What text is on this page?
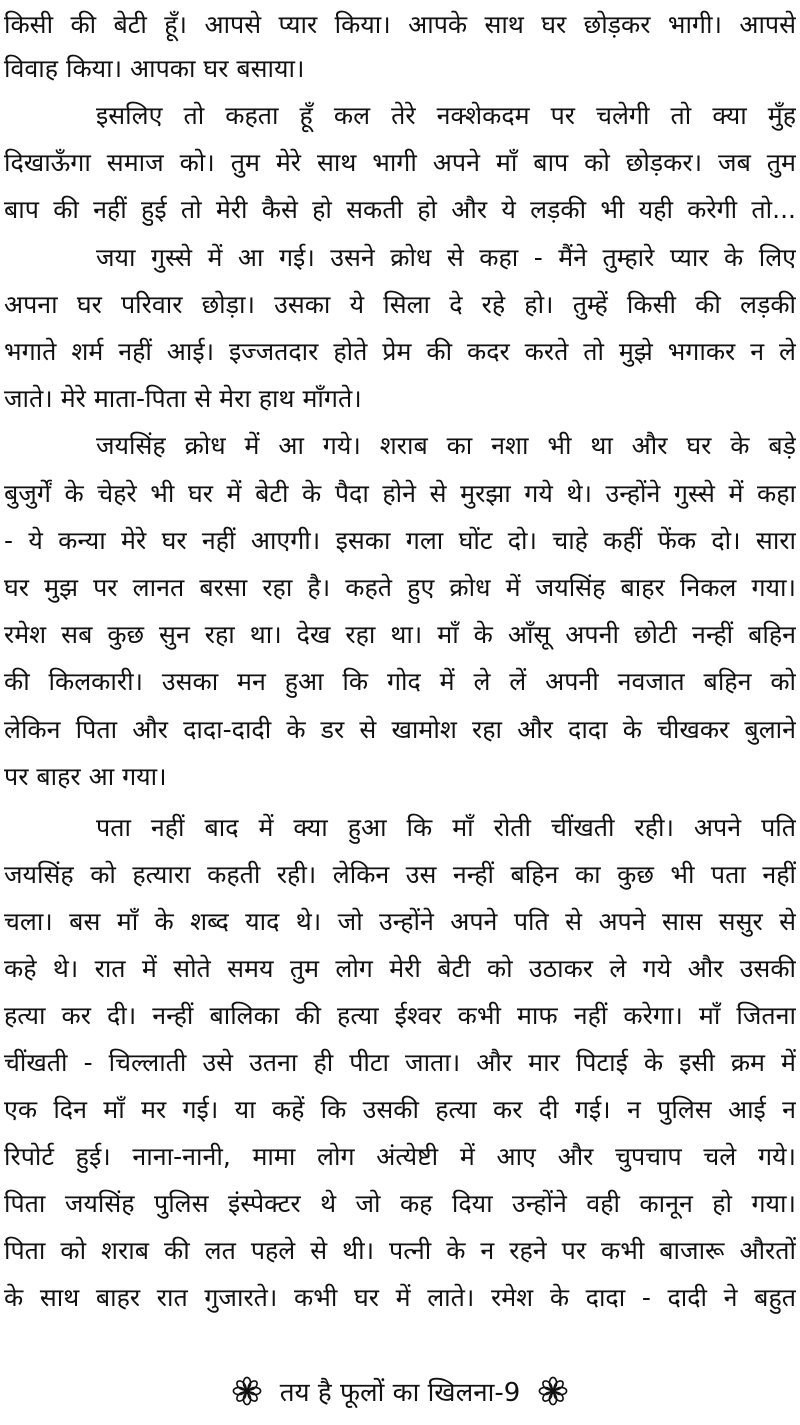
किसी की बेटी हूँ। आपसे प्यार किया। आपके साथ घर छोड़कर भागी। आपसे
विवाह किया। आपका घर बसाया।
इसलिए तो कहता हूँ कल तेरे नक्शेकदम पर चलेगी तो क्या मुँह
दिखाऊँगा समाज को। तुम मेरे साथ भागी अपने माँ बाप को छोड़कर। जब तुम
बाप की नहीं हुई तो मेरी कैसे हो सकती हो और ये लड़की भी यही करेगी तो...
जया गुस्से में आ गई। उसने क्रोध से कहा - मैंने तुम्हारे प्यार के लिए
अपना घर परिवार छोड़ा। उसका ये सिला दे रहे हो। तुम्हें किसी की लड़की
भगाते शर्म नहीं आई। इज्जतदार होते प्रेम की कदर करते तो मुझे भगाकर न ले
जाते। मेरे माता-पिता से मेरा हाथ माँगते।
जयसिंह क्रोध में आ गये। शराब का नशा भी था और घर के बड़े
बुजुर्गें के चेहरे भी घर में बेटी के पैदा होने से मुरझा गये थे। उन्होंने गुस्से में कहा
- ये कन्या मेरे घर नहीं आएगी। इसका गला घोंट दो। चाहे कहीं फेंक दो। सारा
घर मुझ पर लानत बरसा रहा है। कहते हुए क्रोध में जयसिंह बाहर निकल गया।
रमेश सब कुछ सुन रहा था। देख रहा था। माँ के आँसू अपनी छोटी नन्हीं बहिन
की किलकारी। उसका मन हुआ कि गोद में ले लें अपनी नवजात बहिन को
लेकिन पिता और दादा-दादी के डर से खामोश रहा और दादा के चीखकर बुलाने
पर बाहर आ गया।
पता नहीं बाद में क्या हुआ कि माँ रोती चींखती रही। अपने पति
जयसिंह को हत्यारा कहती रही। लेकिन उस नन्हीं बहिन का कुछ भी पता नहीं
चला। बस माँ के शब्द याद थे। जो उन्होंने अपने पति से अपने सास ससुर से
कहे थे। रात में सोते समय तुम लोग मेरी बेटी को उठाकर ले गये और उसकी
हत्या कर दी। नन्हीं बालिका की हत्या ईश्वर कभी माफ नहीं करेगा। माँ जितना
चींखती - चिल्लाती उसे उतना ही पीटा जाता। और मार पिटाई के इसी क्रम में
एक दिन माँ मर गई। या कहें कि उसकी हत्या कर दी गई। न पुलिस आई न
रिपोर्ट हुई। नाना-नानी, मामा लोग अंत्येष्टी में आए और चुपचाप चले गये।
पिता जयसिंह पुलिस इंस्पेक्टर थे जो कह दिया उन्होंने वही कानून हो गया।
पिता को शराब की लत पहले से थी। पत्नी के न रहने पर कभी बाजारू औरतों
के साथ बाहर रात गुजारते। कभी घर में लाते। रमेश के दादा - दादी ने बहुत
तय है फूलों का खिलना-9
